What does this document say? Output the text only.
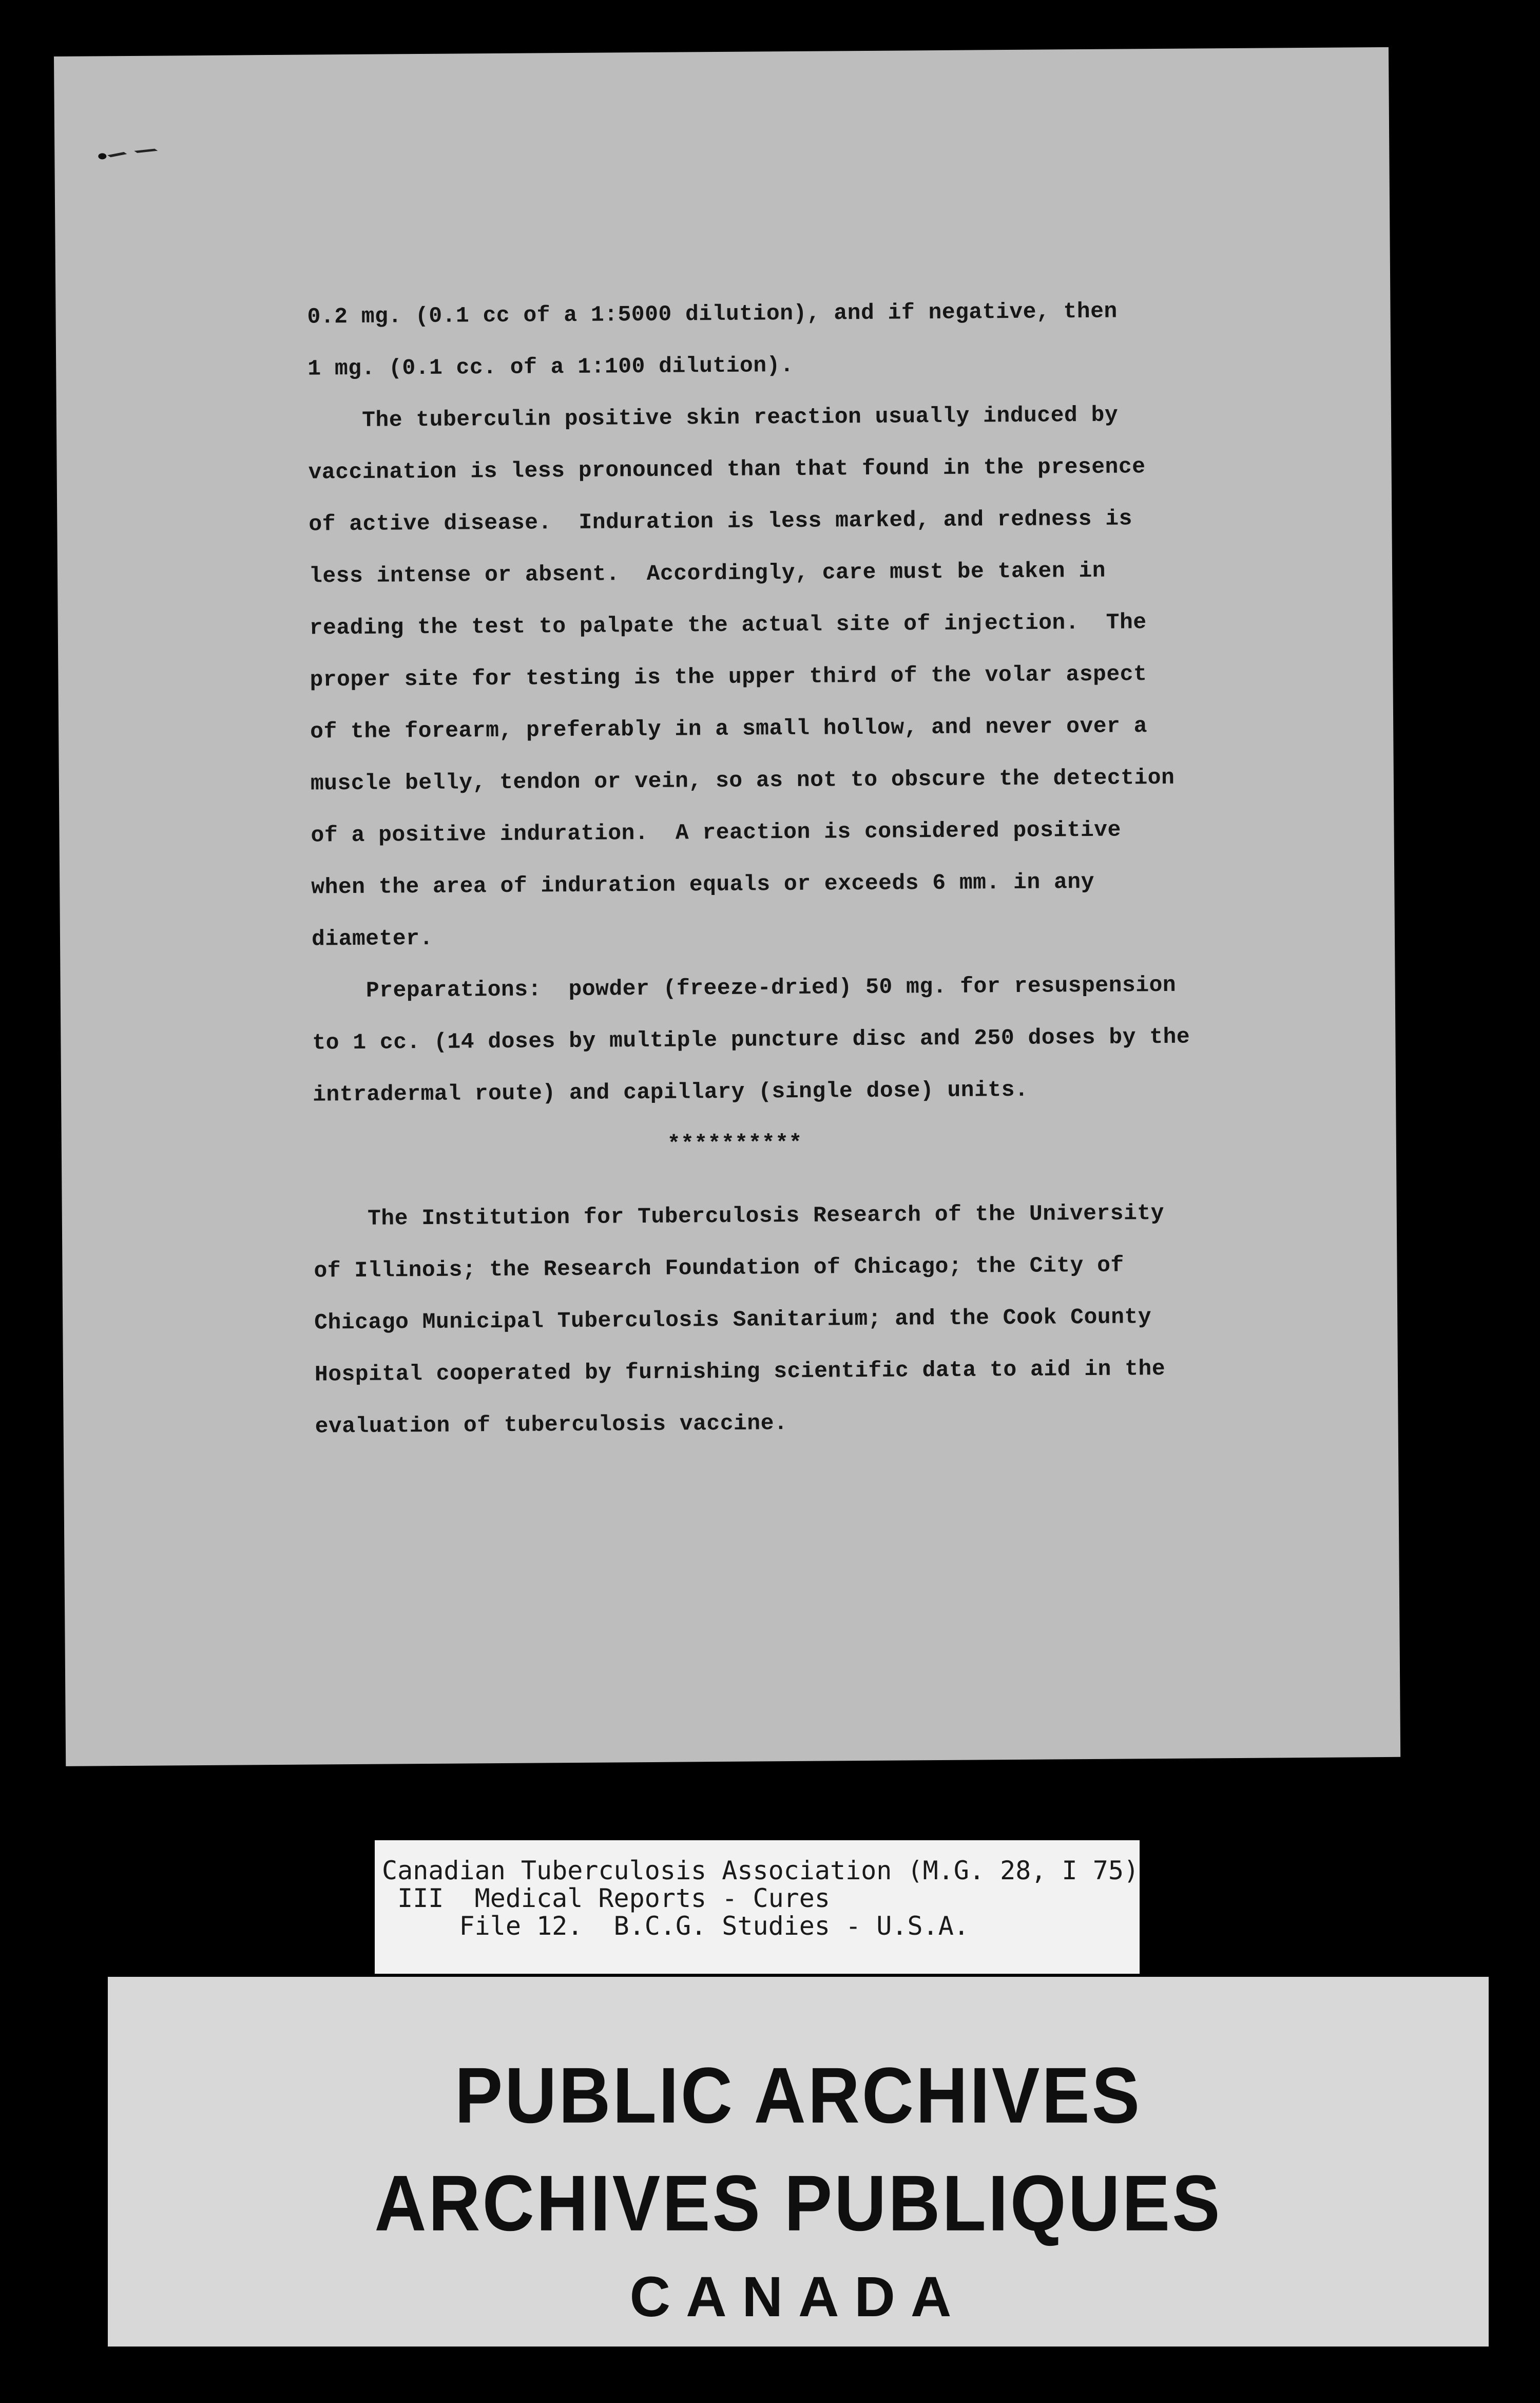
0.2 mg. (0.1 cc of a 1:5000 dilution), and if negative, then

1 mg. (0.1 cc. of a 1:100 dilution).

The tuberculin positive skin reaction usually induced by

vaccination is less pronounced than that found in the presence

of active disease.  Induration is less marked, and redness is

less intense or absent.  Accordingly, care must be taken in

reading the test to palpate the actual site of injection.  The

proper site for testing is the upper third of the volar aspect

of the forearm, preferably in a small hollow, and never over a

muscle belly, tendon or vein, so as not to obscure the detection

of a positive induration.  A reaction is considered positive

when the area of induration equals or exceeds 6 mm. in any

diameter.

Preparations:  powder (freeze-dried) 50 mg. for resuspension

to 1 cc. (14 doses by multiple puncture disc and 250 doses by the

intradermal route) and capillary (single dose) units.

**********

The Institution for Tuberculosis Research of the University

of Illinois; the Research Foundation of Chicago; the City of

Chicago Municipal Tuberculosis Sanitarium; and the Cook County

Hospital cooperated by furnishing scientific data to aid in the

evaluation of tuberculosis vaccine.

Canadian Tuberculosis Association (M.G. 28, I 75)
III  Medical Reports - Cures
File 12.  B.C.G. Studies - U.S.A.
PUBLIC ARCHIVES
ARCHIVES PUBLIQUES
CANADA
